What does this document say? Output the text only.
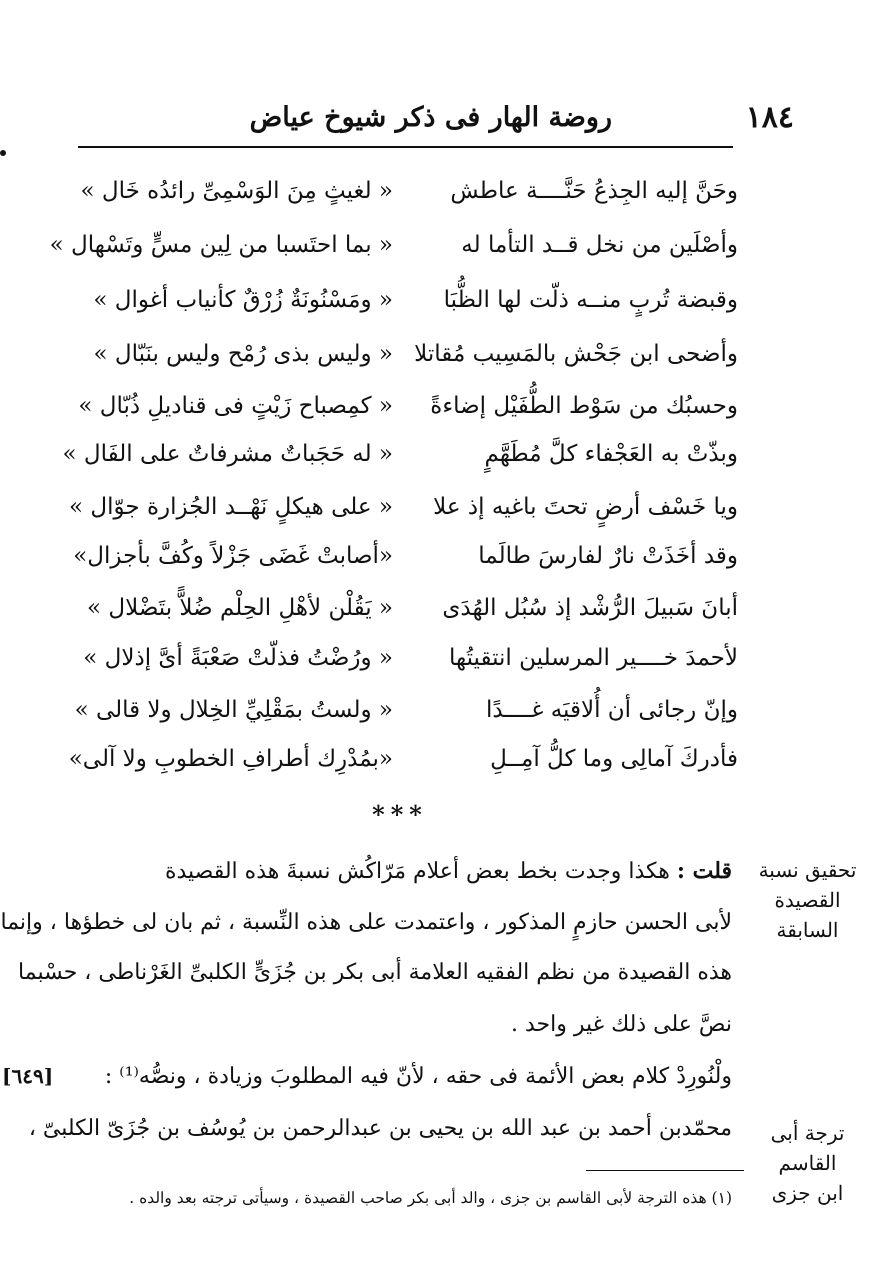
١٨٤
روضة الهار فى ذكر شيوخ عياض
وحَنَّ إليه الجِذعُ حَنَّــــة عاطش
« لغيثٍ مِنَ الوَسْمِىِّ رائدُه خَال »
وأصْلَين من نخل قــد التأما له
« بما احتَسبا من لِين مسٍّ وتَسْهال »
وقبضة تُربٍ منــه ذلّت لها الظُّبَا
« ومَسْنُونَةٌ زُرْقٌ كأنياب أغوال »
وأضحى ابن جَحْش بالمَسِيب مُقاتلا
« وليس بذى رُمْح وليس بنَبّال »
وحسبُك من سَوْط الطُّفَيْل إضاءةً
« كمِصباح زَيْتٍ فى قناديلِ ذُبّال »
وبذّتْ به العَجْفاء كلَّ مُطَهَّمٍ
« له حَجَباتٌ مشرفاتٌ على الفَال »
ويا خَسْف أرضٍ تحتَ باغيه إذ علا
« على هيكلٍ نَهْــد الجُزارة جوّال »
وقد أخَذَتْ نارٌ لفارسَ طالَما
«أصابتْ غَضَى جَزْلاً وكُفَّ بأجزال»
أبانَ سَبيلَ الرُّشْد إذ سُبُل الهُدَى
« يَقُلْن لأهْلِ الحِلْم ضُلاًّ بتَضْلال »
لأحمدَ خــــير المرسلين انتقيتُها
« ورُضْتُ فذلّتْ صَعْبَةً أىَّ إذلال »
وإنّ رجائى أن أُلاقيَه غــــدًا
« ولستُ بمَقْلِيِّ الخِلال ولا قالى »
فأدركَ آمالِى وما كلُّ آمِــلِ
«بمُدْرِك أطرافِ الخطوبِ ولا آلى»
***
قلت : هكذا وجدت بخط بعض أعلام مَرّاكُش نسبةَ هذه القصيدة
لأبى الحسن حازمٍ المذكور ، واعتمدت على هذه النِّسبة ، ثم بان لى خطؤها ، وإنما
هذه القصيدة من نظم الفقيه العلامة أبى بكر بن جُزَىٍّ الكلبىِّ الغَرْناطى ، حسْبما
نصَّ على ذلك غير واحد .
ولْنُورِدْ كلام بعض الأئمة فى حقه ، لأنّ فيه المطلوبَ وزيادة ، ونصُّه⁽¹⁾ :
محمّدبن أحمد بن عبد الله بن يحيى بن عبدالرحمن بن يُوسُف بن جُزَىّ الكلبىّ ،
تحقيق نسبة
القصيدة السابقة
ترجة أبى القاسم
ابن جزى
[٦٤٩]
(١) هذه الترجة لأبى القاسم بن جزى ، والد أبى بكر صاحب القصيدة ، وسيأتى ترجته بعد والده .
